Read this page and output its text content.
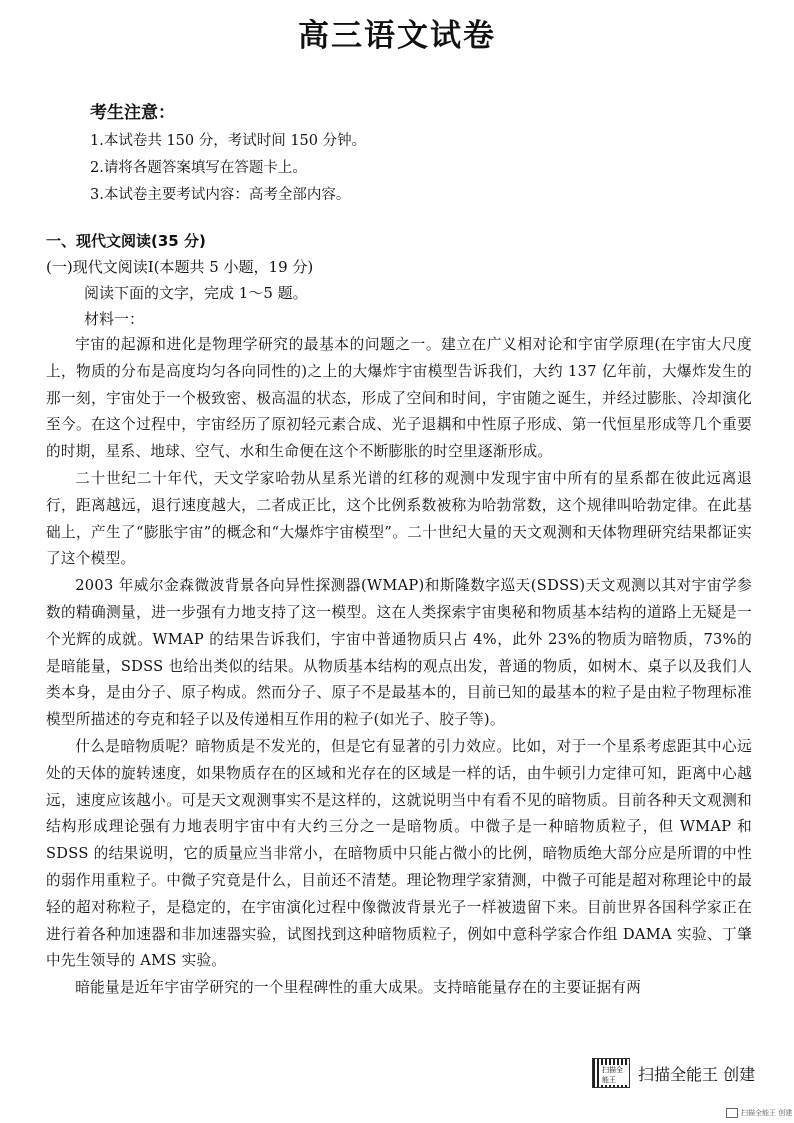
高三语文试卷
考生注意：
1.本试卷共 150 分，考试时间 150 分钟。
2.请将各题答案填写在答题卡上。
3.本试卷主要考试内容：高考全部内容。
一、现代文阅读(35 分)
(一)现代文阅读Ⅰ(本题共 5 小题，19 分)
阅读下面的文字，完成 1～5 题。
材料一：

宇宙的起源和进化是物理学研究的最基本的问题之一。建立在广义相对论和宇宙学原理(在宇宙大尺度上，物质的分布是高度均匀各向同性的)之上的大爆炸宇宙模型告诉我们，大约 137 亿年前，大爆炸发生的那一刻，宇宙处于一个极致密、极高温的状态，形成了空间和时间，宇宙随之诞生，并经过膨胀、冷却演化至今。在这个过程中，宇宙经历了原初轻元素合成、光子退耦和中性原子形成、第一代恒星形成等几个重要的时期，星系、地球、空气、水和生命便在这个不断膨胀的时空里逐渐形成。

二十世纪二十年代，天文学家哈勃从星系光谱的红移的观测中发现宇宙中所有的星系都在彼此远离退行，距离越远，退行速度越大，二者成正比，这个比例系数被称为哈勃常数，这个规律叫哈勃定律。在此基础上，产生了“膨胀宇宙”的概念和“大爆炸宇宙模型”。二十世纪大量的天文观测和天体物理研究结果都证实了这个模型。

2003 年威尔金森微波背景各向异性探测器(WMAP)和斯隆数字巡天(SDSS)天文观测以其对宇宙学参数的精确测量，进一步强有力地支持了这一模型。这在人类探索宇宙奥秘和物质基本结构的道路上无疑是一个光辉的成就。WMAP 的结果告诉我们，宇宙中普通物质只占 4%，此外 23%的物质为暗物质，73%的是暗能量，SDSS 也给出类似的结果。从物质基本结构的观点出发，普通的物质，如树木、桌子以及我们人类本身，是由分子、原子构成。然而分子、原子不是最基本的，目前已知的最基本的粒子是由粒子物理标准模型所描述的夸克和轻子以及传递相互作用的粒子(如光子、胶子等)。

什么是暗物质呢？暗物质是不发光的，但是它有显著的引力效应。比如，对于一个星系考虑距其中心远处的天体的旋转速度，如果物质存在的区域和光存在的区域是一样的话，由牛顿引力定律可知，距离中心越远，速度应该越小。可是天文观测事实不是这样的，这就说明当中有看不见的暗物质。目前各种天文观测和结构形成理论强有力地表明宇宙中有大约三分之一是暗物质。中微子是一种暗物质粒子，但 WMAP 和 SDSS 的结果说明，它的质量应当非常小，在暗物质中只能占微小的比例，暗物质绝大部分应是所谓的中性的弱作用重粒子。中微子究竟是什么，目前还不清楚。理论物理学家猜测，中微子可能是超对称理论中的最轻的超对称粒子，是稳定的，在宇宙演化过程中像微波背景光子一样被遗留下来。目前世界各国科学家正在进行着各种加速器和非加速器实验，试图找到这种暗物质粒子，例如中意科学家合作组 DAMA 实验、丁肇中先生领导的 AMS 实验。

暗能量是近年宇宙学研究的一个里程碑性的重大成果。支持暗能量存在的主要证据有两

扫描全能王	扫描全能王 创建
扫描全能王 创建
